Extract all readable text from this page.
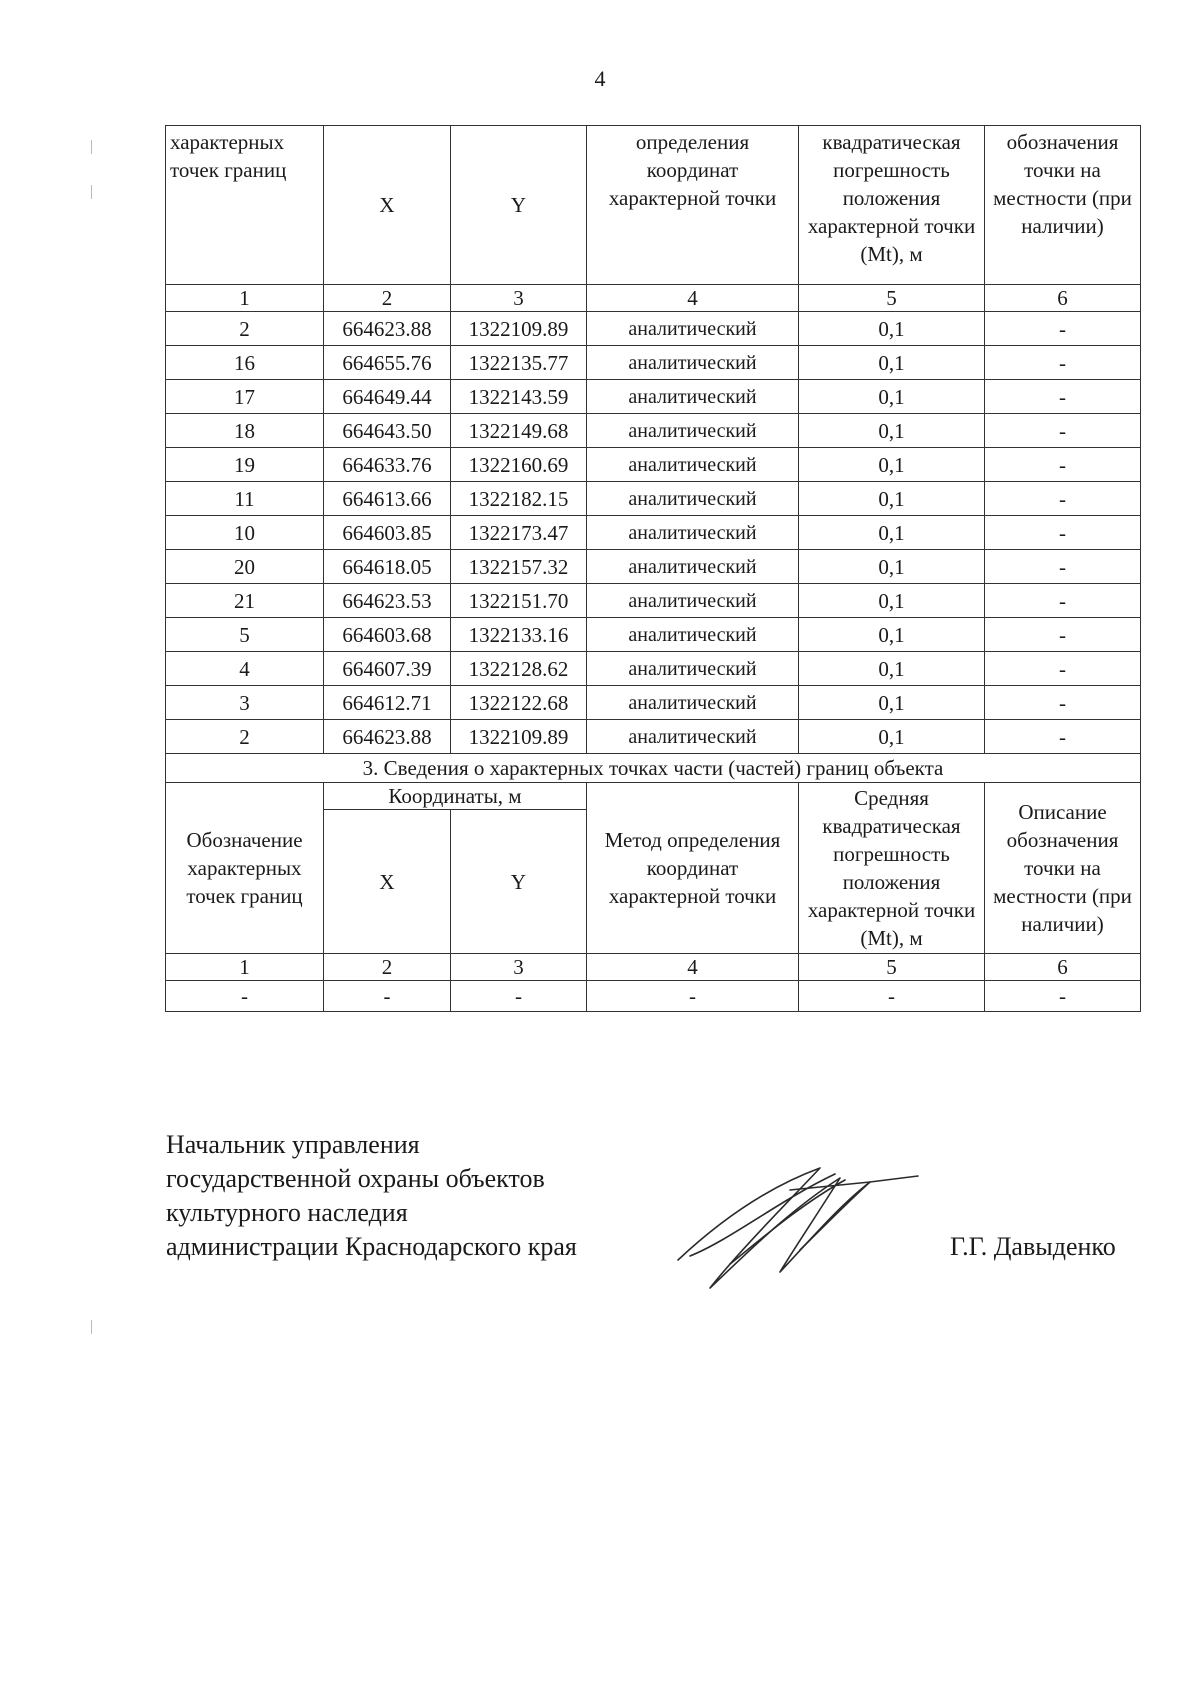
4
характерных точек границ	X	Y	определения координат характерной точки	квадратическая погрешность положения характерной точки (Mt), м	обозначения точки на местности (при наличии)
1	2	3	4	5	6
2	664623.88	1322109.89	аналитический	0,1	-
16	664655.76	1322135.77	аналитический	0,1	-
17	664649.44	1322143.59	аналитический	0,1	-
18	664643.50	1322149.68	аналитический	0,1	-
19	664633.76	1322160.69	аналитический	0,1	-
11	664613.66	1322182.15	аналитический	0,1	-
10	664603.85	1322173.47	аналитический	0,1	-
20	664618.05	1322157.32	аналитический	0,1	-
21	664623.53	1322151.70	аналитический	0,1	-
5	664603.68	1322133.16	аналитический	0,1	-
4	664607.39	1322128.62	аналитический	0,1	-
3	664612.71	1322122.68	аналитический	0,1	-
2	664623.88	1322109.89	аналитический	0,1	-
3. Сведения о характерных точках части (частей) границ объекта					
Обозначение характерных точек границ	Координаты, м		Метод определения координат характерной точки	Средняя квадратическая погрешность положения характерной точки (Mt), м	Описание обозначения точки на местности (при наличии)
	X	Y			
1	2	3	4	5	6
-	-	-	-	-	-
Начальник управления
государственной охраны объектов
культурного наследия
администрации Краснодарского края	Г.Г. Давыденко
